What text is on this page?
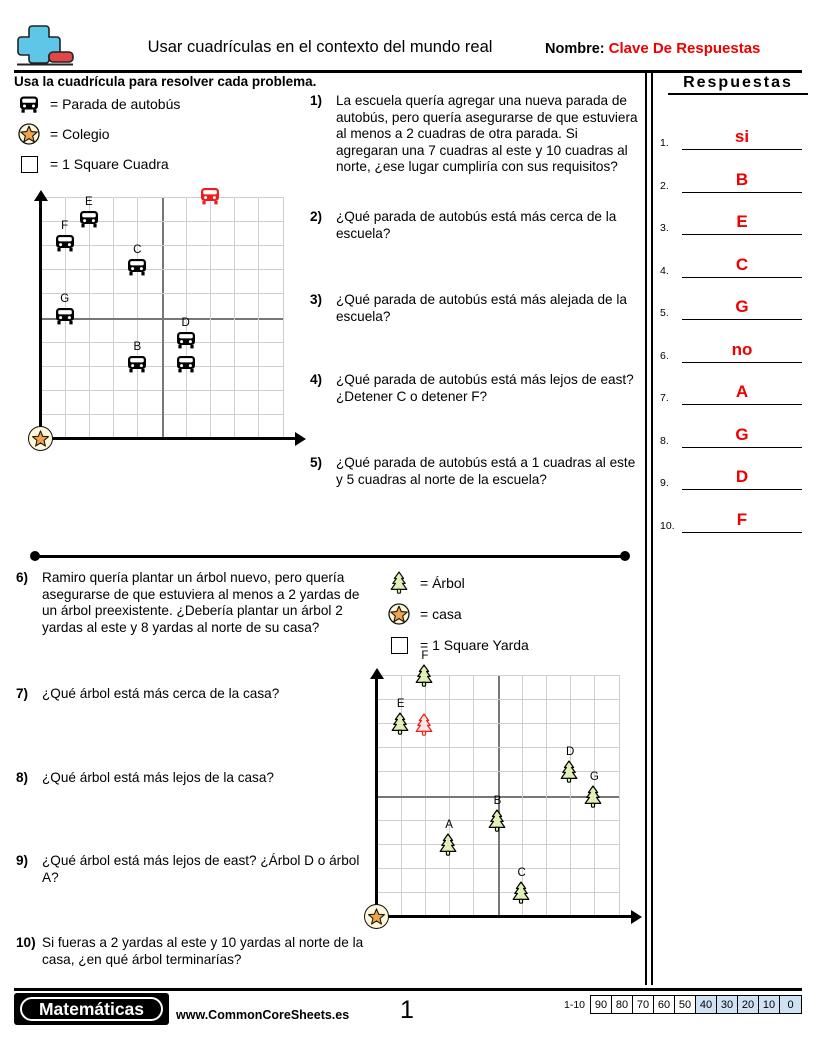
Usar cuadrículas en el contexto del mundo real	Nombre: Clave De Respuestas
Usa la cuadrícula para resolver cada problema.
= Parada de autobús
= Colegio
= 1 Square Cuadra
B
C
D
E
F
G
1)	La escuela quería agregar una nueva parada de autobús, pero quería asegurarse de que estuviera al menos a 2 cuadras de otra parada. Si agregaran una 7 cuadras al este y 10 cuadras al norte, ¿ese lugar cumpliría con sus requisitos?
2)	¿Qué parada de autobús está más cerca de la escuela?
3)	¿Qué parada de autobús está más alejada de la escuela?
4)	¿Qué parada de autobús está más lejos de east? ¿Detener C o detener F?
5)	¿Qué parada de autobús está a 1 cuadras al este y 5 cuadras al norte de la escuela?
Respuestas
1.	si
2.	B
3.	E
4.	C
5.	G
6.	no
7.	A
8.	G
9.	D
10.	F
6)	Ramiro quería plantar un árbol nuevo, pero quería asegurarse de que estuviera al menos a 2 yardas de un árbol preexistente. ¿Debería plantar un árbol 2 yardas al este y 8 yardas al norte de su casa?
7)	¿Qué árbol está más cerca de la casa?
8)	¿Qué árbol está más lejos de la casa?
9)	¿Qué árbol está más lejos de east? ¿Árbol D o árbol A?
10) Si fueras a 2 yardas al este y 10 yardas al norte de la casa, ¿en qué árbol terminarías?
= Árbol
= casa
= 1 Square Yarda
A
B
C
D
E
F
G
Matemáticas	www.CommonCoreSheets.es 1	1-10 90 80 70 60 50 40 30 20 10	0
